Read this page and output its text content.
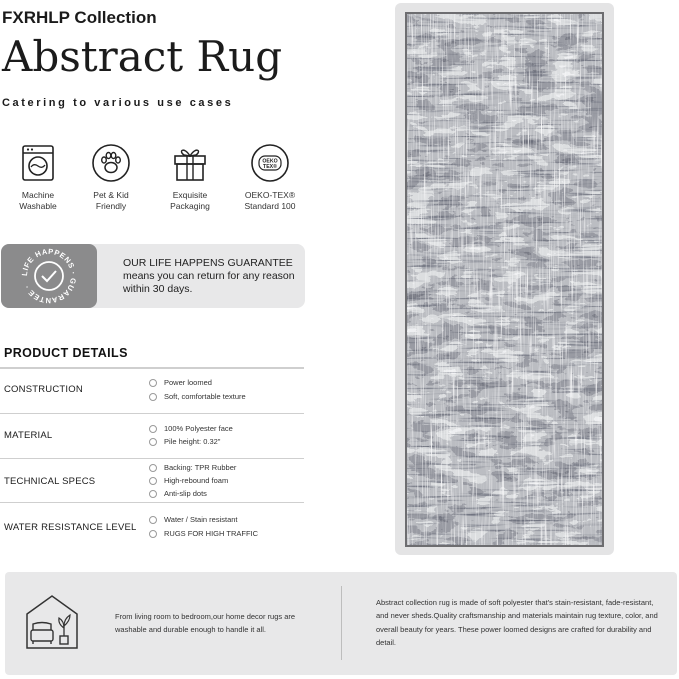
FXRHLP Collection
Abstract Rug
Catering to various use cases
Machine
Washable
Pet & Kid
Friendly
Exquisite
Packaging
OEKO
TEX®
OEKO-TEX®
Standard 100
LIFE HAPPENS · GUARANTEE ·
OUR LIFE HAPPENS GUARANTEE
means you can return for any reason within 30 days.
PRODUCT DETAILS
CONSTRUCTION
Power loomed
Soft, comfortable texture
MATERIAL
100% Polyester face
Pile height: 0.32"
TECHNICAL SPECS
Backing: TPR Rubber
High-rebound foam
Anti-slip dots
WATER RESISTANCE LEVEL
Water / Stain resistant
RUGS FOR HIGH TRAFFIC
From living room to bedroom,our home decor rugs are washable and durable enough to handle it all.
Abstract collection rug is made of soft polyester that's stain-resistant, fade-resistant, and never sheds.Quality craftsmanship and materials maintain rug texture, color, and overall beauty for years. These power loomed designs are crafted for durability and detail.
